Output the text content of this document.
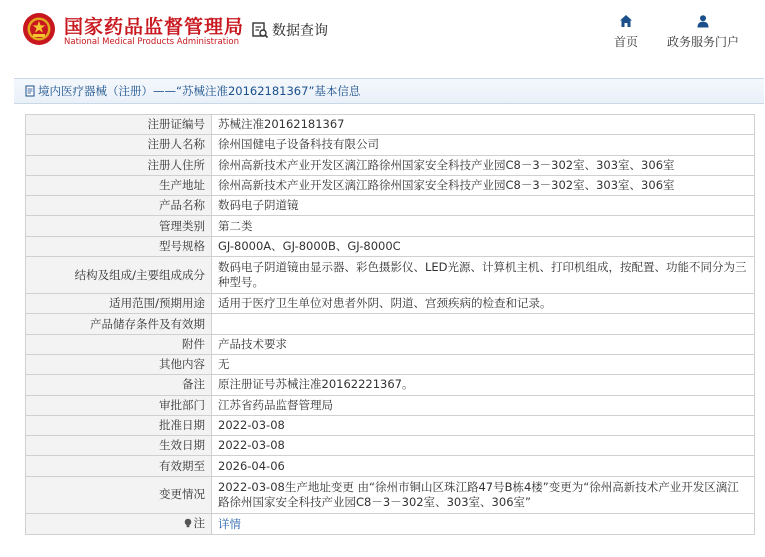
国家药品监督管理局
National Medical Products Administration
数据查询
首页 政务服务门户
境内医疗器械（注册）——“苏械注准20162181367”基本信息
注册证编号	苏械注准20162181367
注册人名称	徐州国健电子设备科技有限公司
注册人住所	徐州高新技术产业开发区漓江路徐州国家安全科技产业园C8－3－302室、303室、306室
生产地址	徐州高新技术产业开发区漓江路徐州国家安全科技产业园C8－3－302室、303室、306室
产品名称	数码电子阴道镜
管理类别	第二类
型号规格	GJ-8000A、GJ-8000B、GJ-8000C
结构及组成/主要组成成分	数码电子阴道镜由显示器、彩色摄影仪、LED光源、计算机主机、打印机组成，按配置、功能不同分为三种型号。
适用范围/预期用途	适用于医疗卫生单位对患者外阴、阴道、宫颈疾病的检查和记录。
产品储存条件及有效期	
附件	产品技术要求
其他内容	无
备注	原注册证号苏械注准20162221367。
审批部门	江苏省药品监督管理局
批准日期	2022-03-08
生效日期	2022-03-08
有效期至	2026-04-06
变更情况	2022-03-08生产地址变更 由“徐州市铜山区珠江路47号B栋4楼”变更为“徐州高新技术产业开发区漓江路徐州国家安全科技产业园C8－3－302室、303室、306室”

注	详情
